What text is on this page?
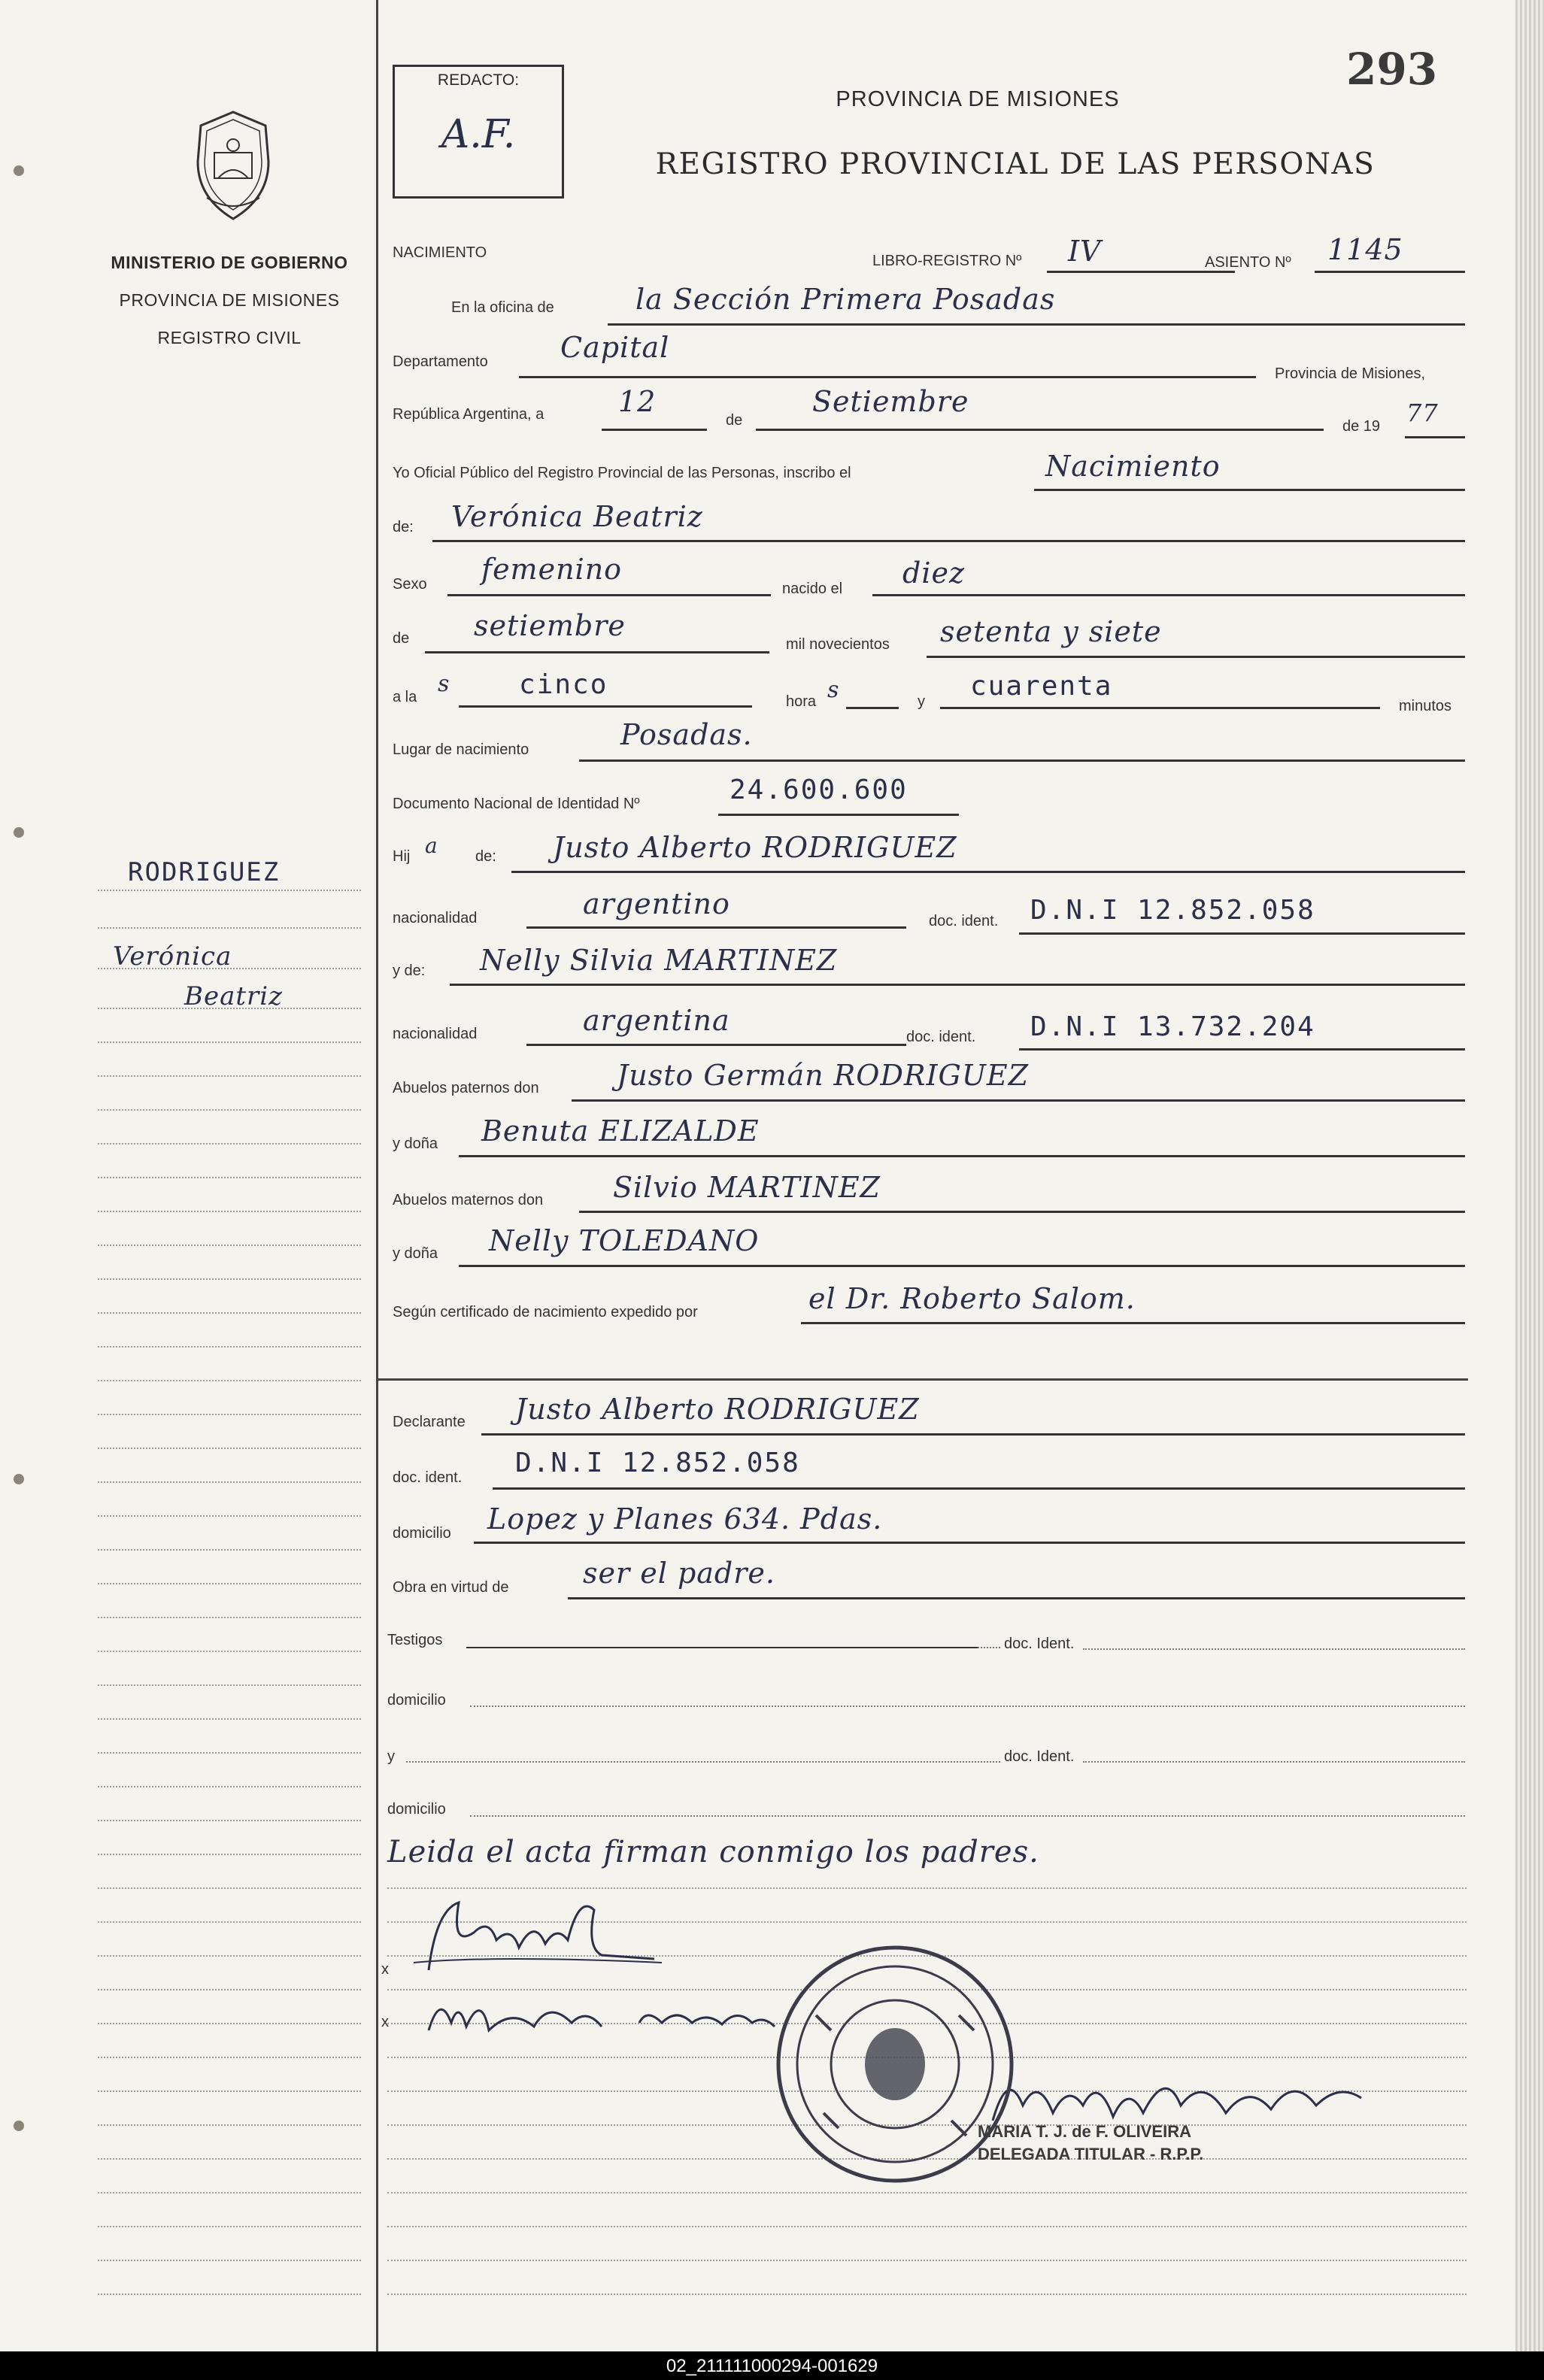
MINISTERIO DE GOBIERNO
PROVINCIA DE MISIONES
REGISTRO CIVIL
RODRIGUEZ
Verónica
Beatriz
REDACTO:
A.F.
293
PROVINCIA DE MISIONES
REGISTRO PROVINCIAL DE LAS PERSONAS
NACIMIENTO	LIBRO-REGISTRO Nº IV	ASIENTO Nº 1145
En la oficina de	la Sección Primera Posadas
Departamento	Capital
Provincia de Misiones,
República Argentina, a	12
de
Setiembre
de 19 77
Yo Oficial Público del Registro Provincial de las Personas, inscribo el	Nacimiento
de: Verónica Beatriz
Sexo femenino
nacido el diez
de setiembre
mil novecientos setenta y siete
a la s	cinco
hora s	y cuarenta
minutos
Lugar de nacimiento	Posadas.
Documento Nacional de Identidad Nº	24.600.600
Hij a de: Justo Alberto RODRIGUEZ
nacionalidad	argentino
doc. ident. D.N.I 12.852.058
y de: Nelly Silvia MARTINEZ
nacionalidad	argentina	doc. ident. D.N.I 13.732.204
Abuelos paternos don	Justo Germán RODRIGUEZ
y doña Benuta ELIZALDE
Abuelos maternos don Silvio MARTINEZ
y doña Nelly TOLEDANO
Según certificado de nacimiento expedido por	el Dr. Roberto Salom.
Declarante Justo Alberto RODRIGUEZ
doc. ident. D.N.I 12.852.058
domicilio Lopez y Planes 634. Pdas.
Obra en virtud de	ser el padre.
Testigos	doc. Ident.
domicilio
y	doc. Ident.
domicilio
Leida el acta firman conmigo los padres.
x
x
MARIA T. J. de F. OLIVEIRA
DELEGADA TITULAR - R.P.P.
02_211111000294-001629
